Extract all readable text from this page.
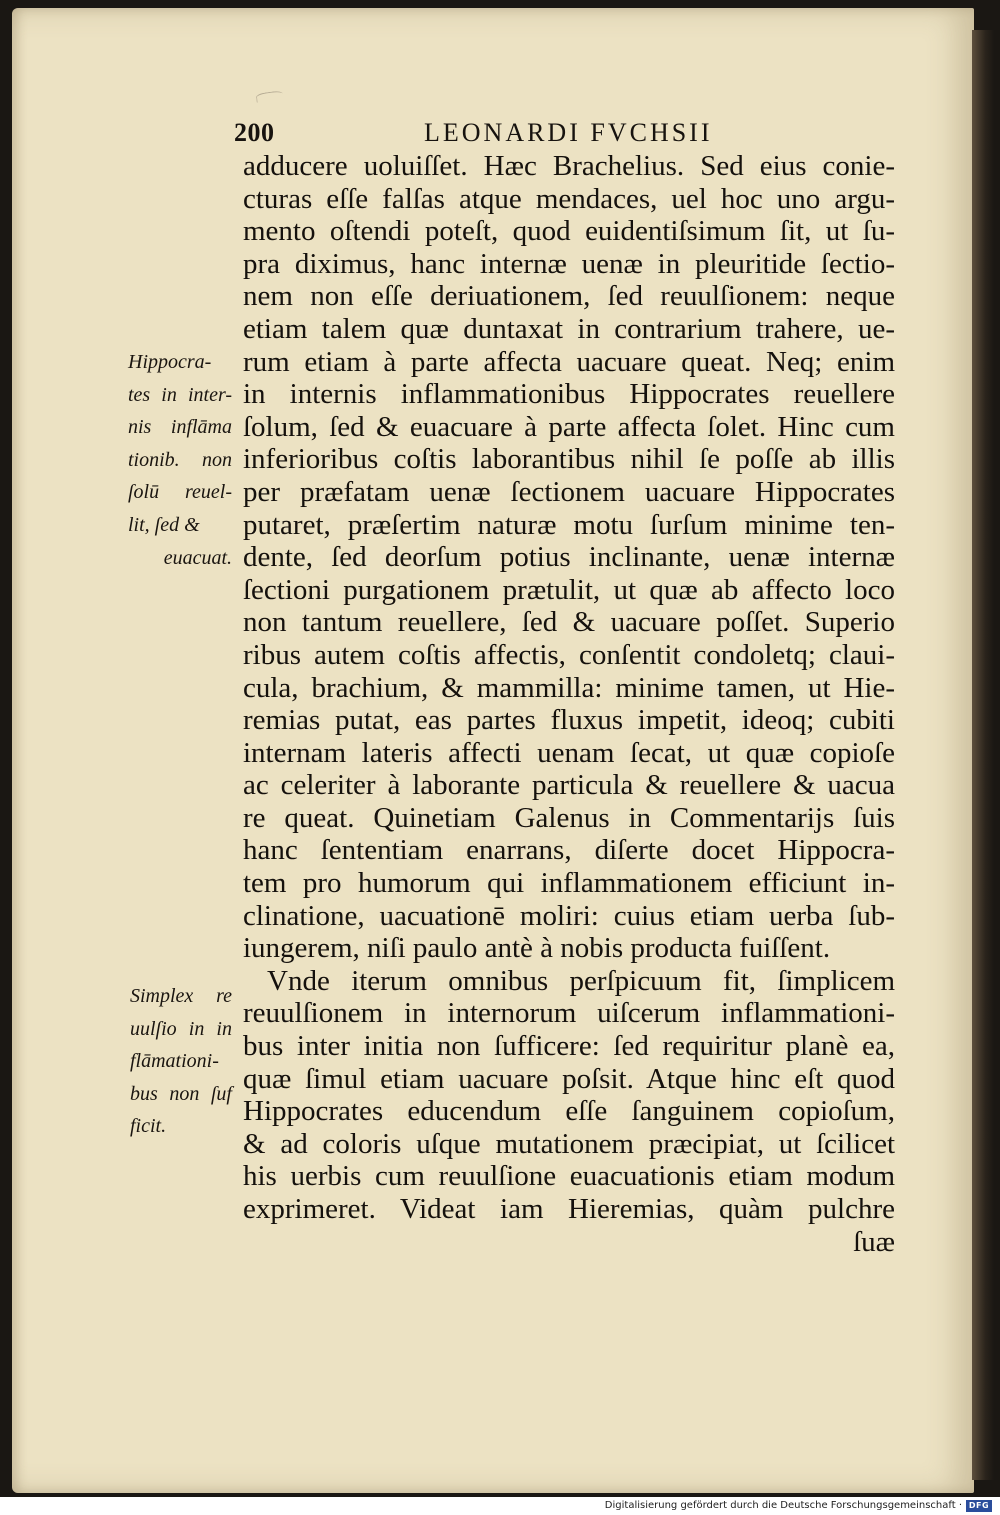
200	LEONARDI FVCHSII
Hippocra-
tes in inter-
nis inflāma
tionib. non
ſolū reuel-
lit, ſed &
euacuat.
Simplex re
uulſio in in
flāmationi-
bus non ſuf
ficit.
adducere uoluiſſet. Hæc Brachelius. Sed eius conie-
cturas eſſe falſas atque mendaces, uel hoc uno argu-
mento oſtendi poteſt, quod euidentiſsimum ſit, ut ſu-
pra diximus, hanc internæ uenæ in pleuritide ſectio-
nem non eſſe deriuationem, ſed reuulſionem: neque
etiam talem quæ duntaxat in contrarium trahere, ue-
rum etiam à parte affecta uacuare queat. Neq; enim
in internis inflammationibus Hippocrates reuellere
ſolum, ſed & euacuare à parte affecta ſolet. Hinc cum
inferioribus coſtis laborantibus nihil ſe poſſe ab illis
per præfatam uenæ ſectionem uacuare Hippocrates
putaret, præſertim naturæ motu ſurſum minime ten-
dente, ſed deorſum potius inclinante, uenæ internæ
ſectioni purgationem prætulit, ut quæ ab affecto loco
non tantum reuellere, ſed & uacuare poſſet. Superio
ribus autem coſtis affectis, conſentit condoletq; claui-
cula, brachium, & mammilla: minime tamen, ut Hie-
remias putat, eas partes fluxus impetit, ideoq; cubiti
internam lateris affecti uenam ſecat, ut quæ copioſe
ac celeriter à laborante particula & reuellere & uacua
re queat. Quinetiam Galenus in Commentarijs ſuis
hanc ſententiam enarrans, diſerte docet Hippocra-
tem pro humorum qui inflammationem efficiunt in-
clinatione, uacuationē moliri: cuius etiam uerba ſub-
iungerem, niſi paulo antè à nobis producta fuiſſent.
Vnde iterum omnibus perſpicuum fit, ſimplicem
reuulſionem in internorum uiſcerum inflammationi-
bus inter initia non ſufficere: ſed requiritur planè ea,
quæ ſimul etiam uacuare poſsit. Atque hinc eſt quod
Hippocrates educendum eſſe ſanguinem copioſum,
& ad coloris uſque mutationem præcipiat, ut ſcilicet
his uerbis cum reuulſione euacuationis etiam modum
exprimeret. Videat iam Hieremias, quàm pulchre
ſuæ
Digitalisierung gefördert durch die Deutsche Forschungsgemeinschaft · DFG
